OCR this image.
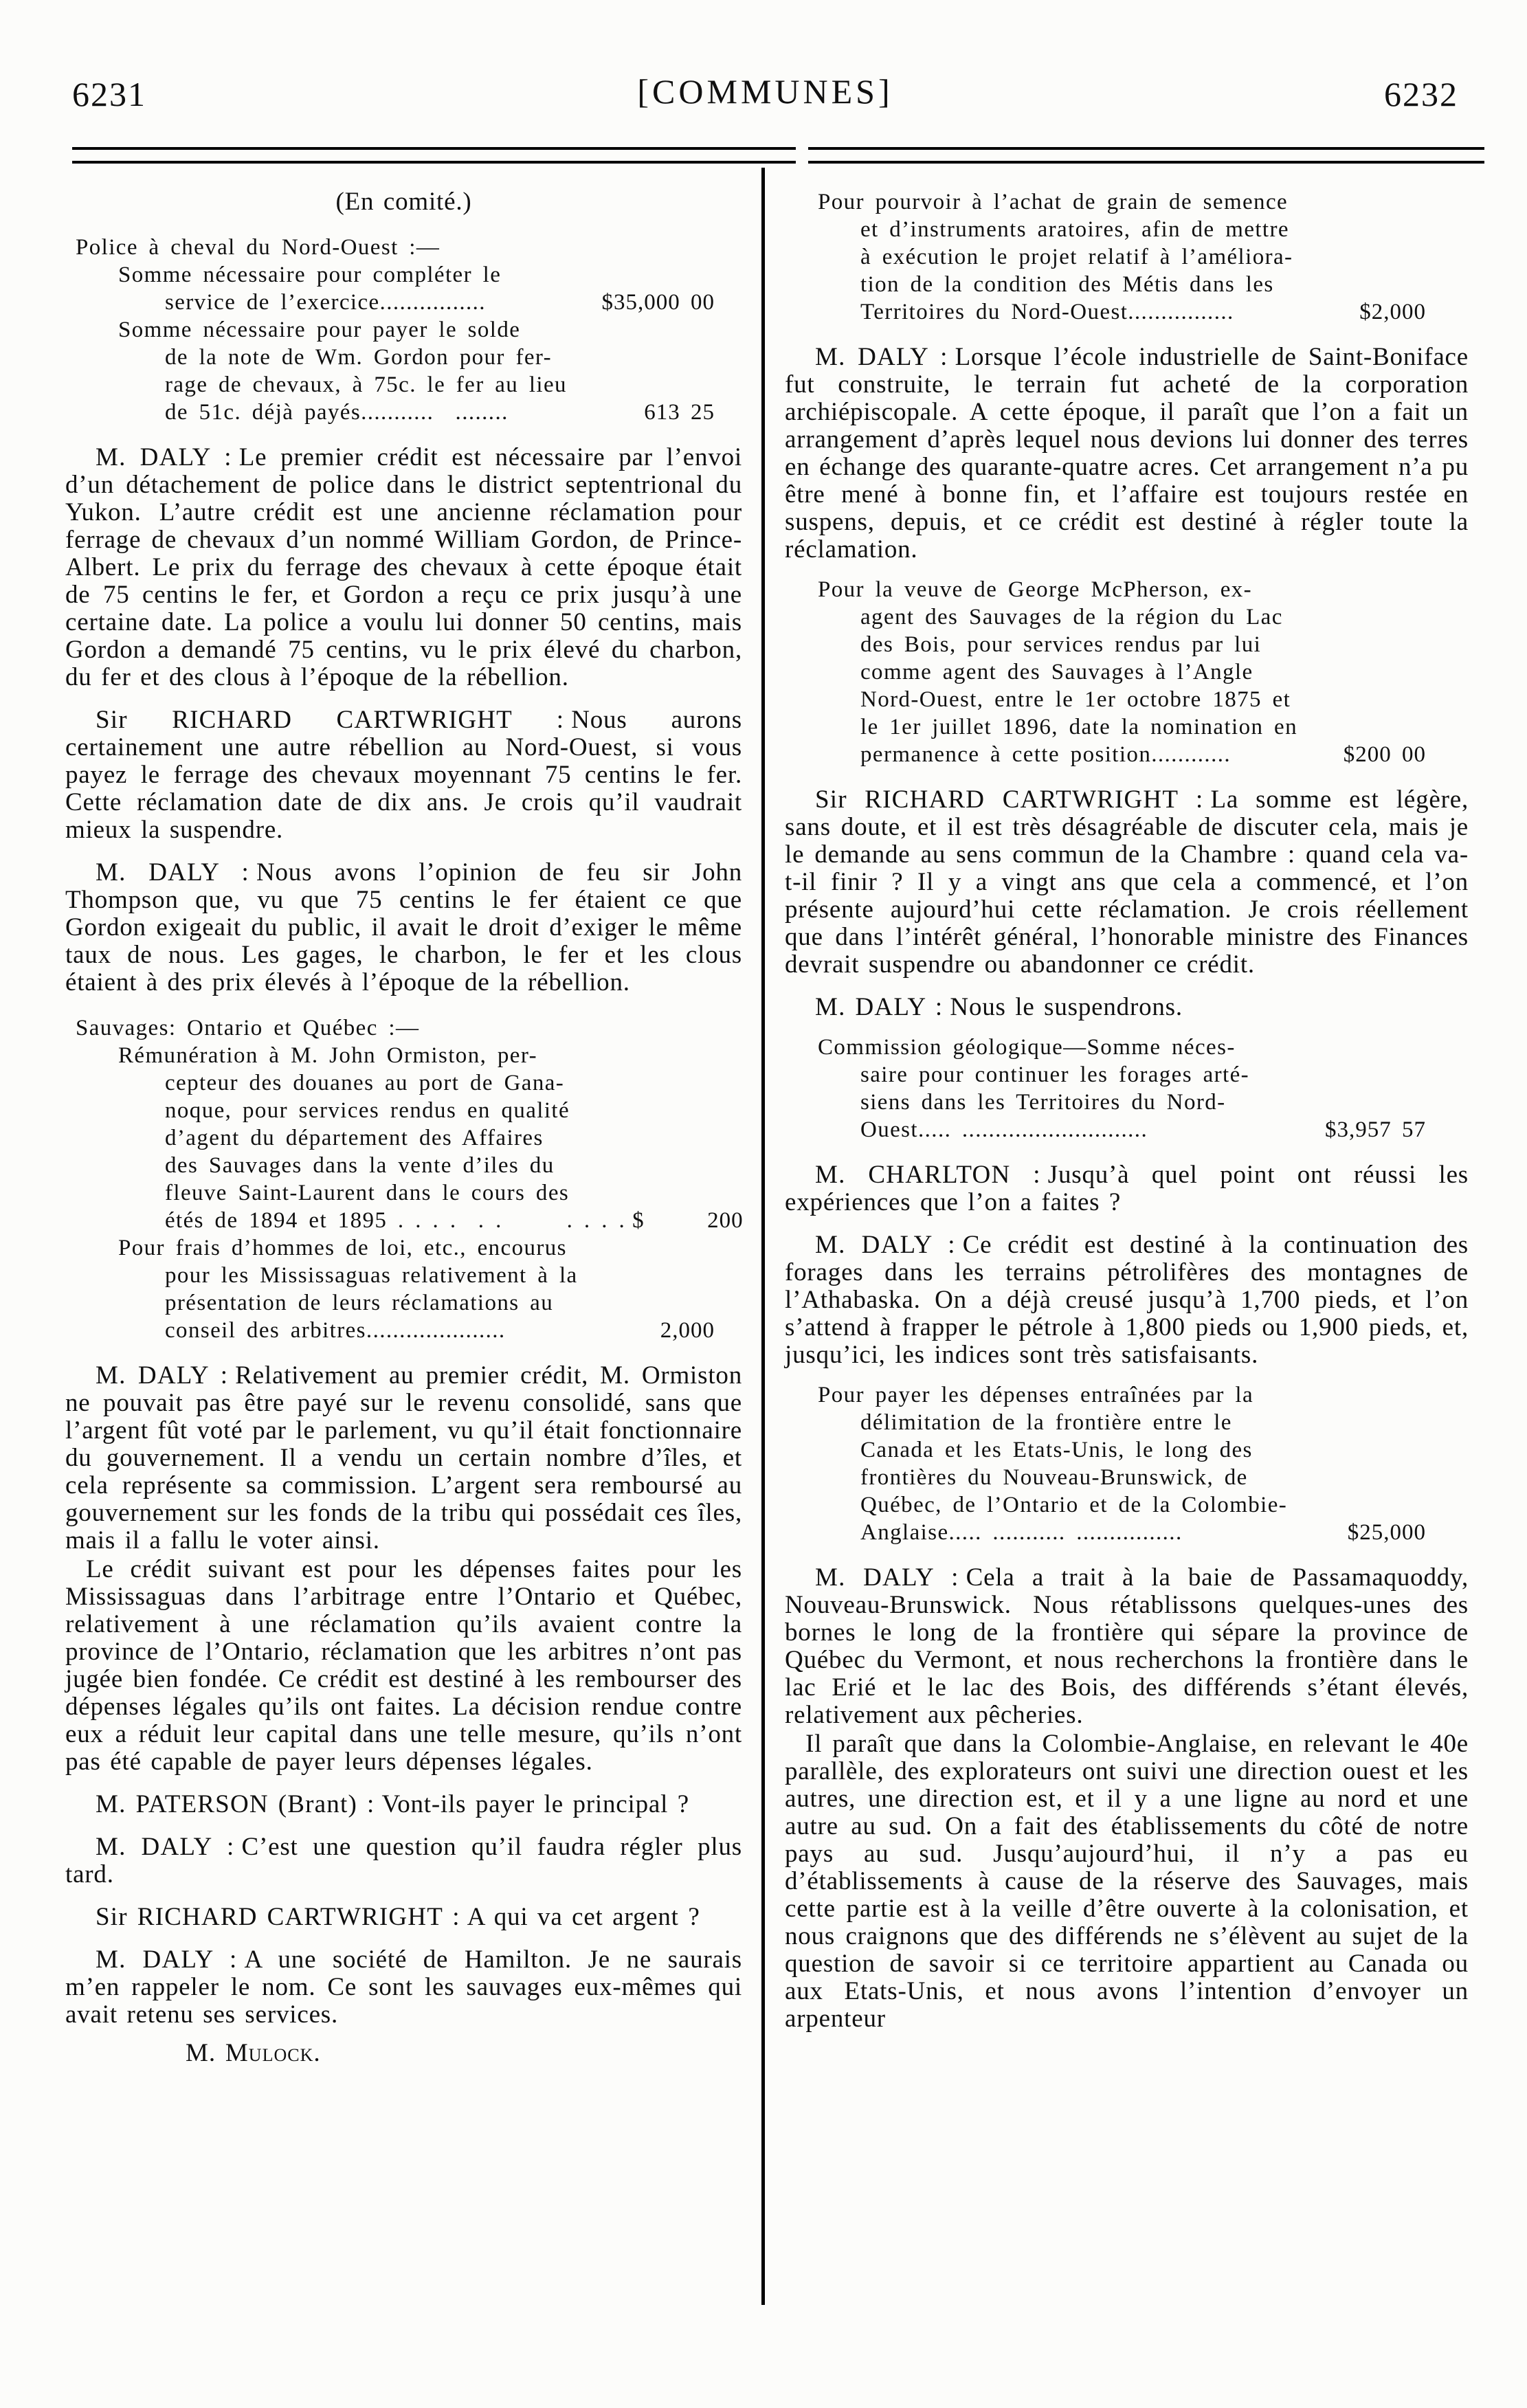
6231	[COMMUNES]	6232

(En comité.)

Police à cheval du Nord-Ouest :—
Somme nécessaire pour compléter le
service de l’exercice................	$35,000 00
Somme nécessaire pour payer le solde
de la note de Wm. Gordon pour fer-
rage de chevaux, à 75c. le fer au lieu
de 51c. déjà payés...........  ........	613 25

M. DALY : Le premier crédit est nécessaire par l’envoi d’un détachement de police dans le district septentrional du Yukon. L’autre crédit est une ancienne réclamation pour ferrage de chevaux d’un nommé William Gordon, de Prince-Albert. Le prix du ferrage des chevaux à cette époque était de 75 centins le fer, et Gordon a reçu ce prix jusqu’à une certaine date. La police a voulu lui donner 50 centins, mais Gordon a demandé 75 centins, vu le prix élevé du charbon, du fer et des clous à l’époque de la rébellion.

Sir RICHARD CARTWRIGHT : Nous aurons certainement une autre rébellion au Nord-Ouest, si vous payez le ferrage des chevaux moyennant 75 centins le fer. Cette réclamation date de dix ans. Je crois qu’il vaudrait mieux la suspendre.

M. DALY : Nous avons l’opinion de feu sir John Thompson que, vu que 75 centins le fer étaient ce que Gordon exigeait du public, il avait le droit d’exiger le même taux de nous. Les gages, le charbon, le fer et les clous étaient à des prix élevés à l’époque de la rébellion.

Sauvages: Ontario et Québec :—
Rémunération à M. John Ormiston, per-
cepteur des douanes au port de Gana-
noque, pour services rendus en qualité
d’agent du département des Affaires
des Sauvages dans la vente d’iles du
fleuve Saint-Laurent dans le cours des
étés de 1894 et 1895 . . . .  . .      . . . . $      200
Pour frais d’hommes de loi, etc., encourus
pour les Mississaguas relativement à la
présentation de leurs réclamations au
conseil des arbitres.....................	2,000

M. DALY : Relativement au premier crédit, M. Ormiston ne pouvait pas être payé sur le revenu consolidé, sans que l’argent fût voté par le parlement, vu qu’il était fonctionnaire du gouvernement. Il a vendu un certain nombre d’îles, et cela représente sa commission. L’argent sera remboursé au gouvernement sur les fonds de la tribu qui possédait ces îles, mais il a fallu le voter ainsi.

Le crédit suivant est pour les dépenses faites pour les Mississaguas dans l’arbitrage entre l’Ontario et Québec, relativement à une réclamation qu’ils avaient contre la province de l’Ontario, réclamation que les arbitres n’ont pas jugée bien fondée. Ce crédit est destiné à les rembourser des dépenses légales qu’ils ont faites. La décision rendue contre eux a réduit leur capital dans une telle mesure, qu’ils n’ont pas été capable de payer leurs dépenses légales.

M. PATERSON (Brant) : Vont-ils payer le principal ?

M. DALY : C’est une question qu’il faudra régler plus tard.

Sir RICHARD CARTWRIGHT : A qui va cet argent ?

M. DALY : A une société de Hamilton. Je ne saurais m’en rappeler le nom. Ce sont les sauvages eux-mêmes qui avait retenu ses services.

M. Mulock.

Pour pourvoir à l’achat de grain de semence
et d’instruments aratoires, afin de mettre
à exécution le projet relatif à l’améliora-
tion de la condition des Métis dans les
Territoires du Nord-Ouest................	$2,000

M. DALY : Lorsque l’école industrielle de Saint-Boniface fut construite, le terrain fut acheté de la corporation archiépiscopale. A cette époque, il paraît que l’on a fait un arrangement d’après lequel nous devions lui donner des terres en échange des quarante-quatre acres. Cet arrangement n’a pu être mené à bonne fin, et l’affaire est toujours restée en suspens, depuis, et ce crédit est destiné à régler toute la réclamation.

Pour la veuve de George McPherson, ex-
agent des Sauvages de la région du Lac
des Bois, pour services rendus par lui
comme agent des Sauvages à l’Angle
Nord-Ouest, entre le 1er octobre 1875 et
le 1er juillet 1896, date la nomination en
permanence à cette position............	$200 00

Sir RICHARD CARTWRIGHT : La somme est légère, sans doute, et il est très désagréable de discuter cela, mais je le demande au sens commun de la Chambre : quand cela va-t-il finir ? Il y a vingt ans que cela a commencé, et l’on présente aujourd’hui cette réclamation. Je crois réellement que dans l’intérêt général, l’honorable ministre des Finances devrait suspendre ou abandonner ce crédit.

M. DALY : Nous le suspendrons.

Commission géologique—Somme néces-
saire pour continuer les forages arté-
siens dans les Territoires du Nord-
Ouest..... ............................	$3,957 57

M. CHARLTON : Jusqu’à quel point ont réussi les expériences que l’on a faites ?

M. DALY : Ce crédit est destiné à la continuation des forages dans les terrains pétrolifères des montagnes de l’Athabaska. On a déjà creusé jusqu’à 1,700 pieds, et l’on s’attend à frapper le pétrole à 1,800 pieds ou 1,900 pieds, et, jusqu’ici, les indices sont très satisfaisants.

Pour payer les dépenses entraînées par la
délimitation de la frontière entre le
Canada et les Etats-Unis, le long des
frontières du Nouveau-Brunswick, de
Québec, de l’Ontario et de la Colombie-
Anglaise..... ........... ................	$25,000

M. DALY : Cela a trait à la baie de Passamaquoddy, Nouveau-Brunswick. Nous rétablissons quelques-unes des bornes le long de la frontière qui sépare la province de Québec du Vermont, et nous recherchons la frontière dans le lac Erié et le lac des Bois, des différends s’étant élevés, relativement aux pêcheries.

Il paraît que dans la Colombie-Anglaise, en relevant le 40e parallèle, des explorateurs ont suivi une direction ouest et les autres, une direction est, et il y a une ligne au nord et une autre au sud. On a fait des établissements du côté de notre pays au sud. Jusqu’aujourd’hui, il n’y a pas eu d’établissements à cause de la réserve des Sauvages, mais cette partie est à la veille d’être ouverte à la colonisation, et nous craignons que des différends ne s’élèvent au sujet de la question de savoir si ce territoire appartient au Canada ou aux Etats-Unis, et nous avons l’intention d’envoyer un arpenteur
